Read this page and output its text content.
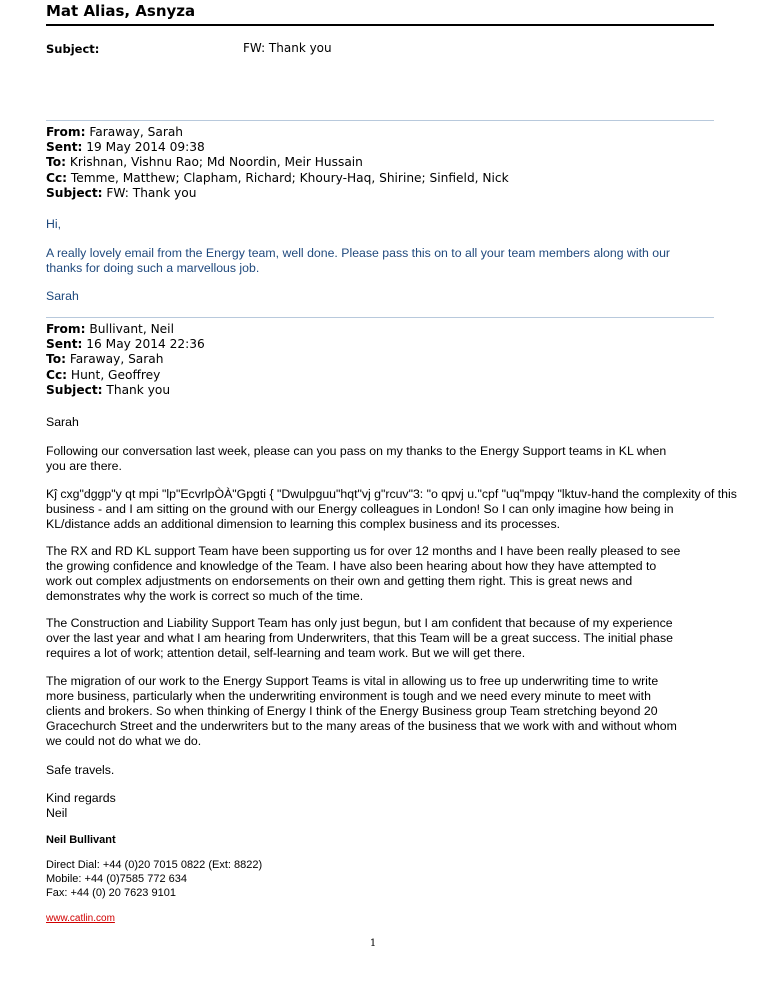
Mat Alias, Asnyza
Subject:	FW: Thank you
From: Faraway, Sarah
Sent: 19 May 2014 09:38
To: Krishnan, Vishnu Rao; Md Noordin, Meir Hussain
Cc: Temme, Matthew; Clapham, Richard; Khoury-Haq, Shirine; Sinfield, Nick
Subject: FW: Thank you
Hi,
A really lovely email from the Energy team, well done. Please pass this on to all your team members along with our
thanks for doing such a marvellous job.
Sarah
From: Bullivant, Neil
Sent: 16 May 2014 22:36
To: Faraway, Sarah
Cc: Hunt, Geoffrey
Subject: Thank you
Sarah
Following our conversation last week, please can you pass on my thanks to the Energy Support teams in KL when
you are there.
Kĵ cxg"dggp"y qt mpi "lp"EcvrlpÒÀ"Gpgti { "Dwulpguu"hqt"vj g"rcuv"3: "o qpvj u."cpf "uq"mpqy "lktuv-hand the complexity of this
business - and I am sitting on the ground with our Energy colleagues in London! So I can only imagine how being in
KL/distance adds an additional dimension to learning this complex business and its processes.
The RX and RD KL support Team have been supporting us for over 12 months and I have been really pleased to see
the growing confidence and knowledge of the Team. I have also been hearing about how they have attempted to
work out complex adjustments on endorsements on their own and getting them right. This is great news and
demonstrates why the work is correct so much of the time.
The Construction and Liability Support Team has only just begun, but I am confident that because of my experience
over the last year and what I am hearing from Underwriters, that this Team will be a great success. The initial phase
requires a lot of work; attention detail, self-learning and team work. But we will get there.
The migration of our work to the Energy Support Teams is vital in allowing us to free up underwriting time to write
more business, particularly when the underwriting environment is tough and we need every minute to meet with
clients and brokers. So when thinking of Energy I think of the Energy Business group Team stretching beyond 20
Gracechurch Street and the underwriters but to the many areas of the business that we work with and without whom
we could not do what we do.
Safe travels.
Kind regards
Neil
Neil Bullivant
Direct Dial: +44 (0)20 7015 0822 (Ext: 8822)
Mobile: +44 (0)7585 772 634
Fax: +44 (0) 20 7623 9101
www.catlin.com
1
